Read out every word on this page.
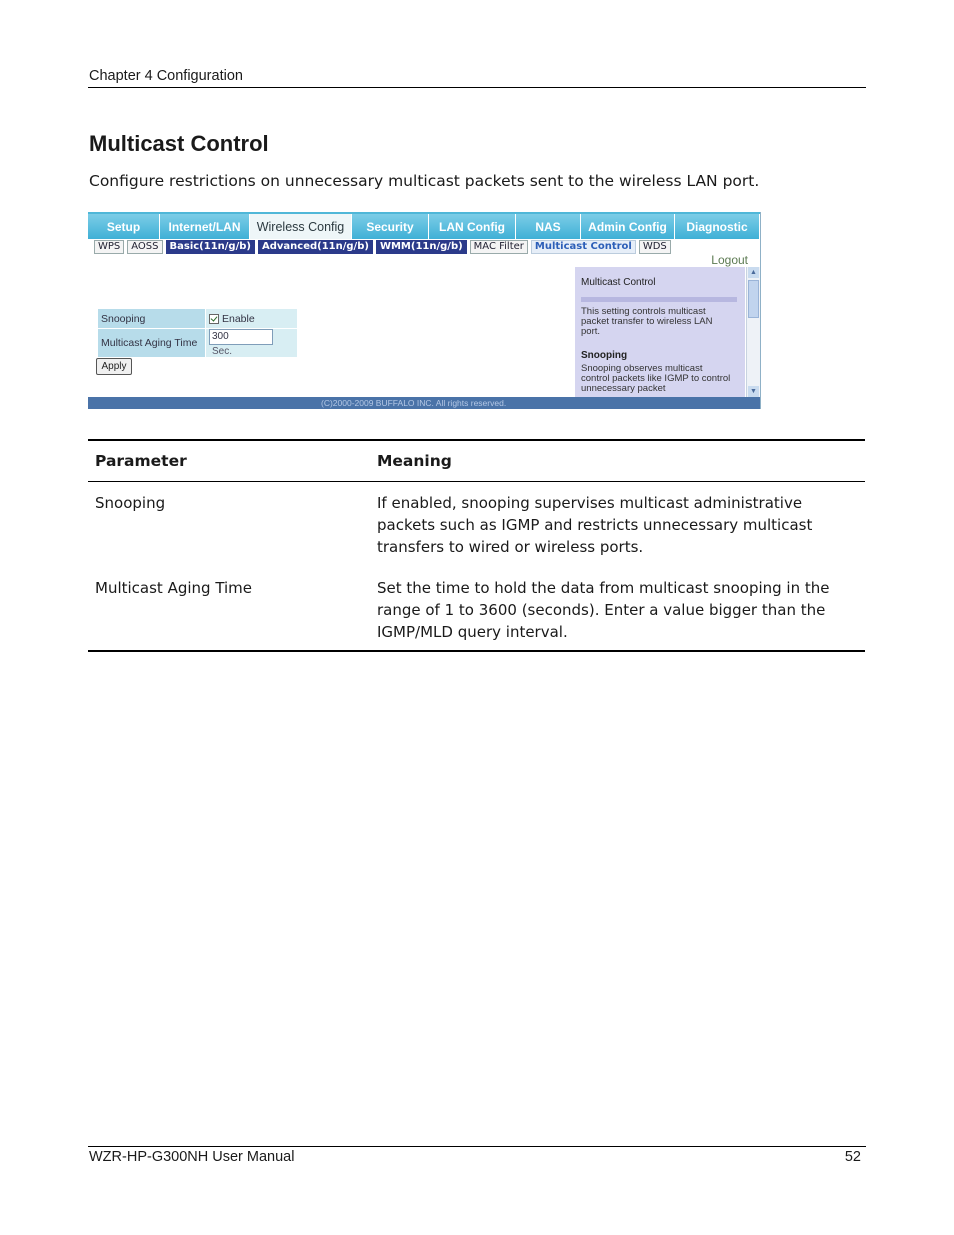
Chapter 4 Configuration
Multicast Control
Configure restrictions on unnecessary multicast packets sent to the wireless LAN port.
Setup	Internet/LAN	Wireless Config	Security	LAN Config	NAS	Admin Config	Diagnostic
WPS	AOSS	Basic(11n/g/b)	Advanced(11n/g/b)	WMM(11n/g/b)	MAC Filter	Multicast Control	WDS
Logout
Snooping	Enable
Multicast Aging Time	300Sec.
Apply
Multicast Control
This setting controls multicast packet transfer to wireless LAN port.
Snooping
Snooping observes multicast control packets like IGMP to control unnecessary packet
▲
▼
(C)2000-2009 BUFFALO INC. All rights reserved.
Parameter	Meaning
Snooping	If enabled, snooping supervises multicast administrative packets such as IGMP and restricts unnecessary multicast transfers to wired or wireless ports.
Multicast Aging Time	Set the time to hold the data from multicast snooping in the range of 1 to 3600 (seconds). Enter a value bigger than the IGMP/MLD query interval.
WZR-HP-G300NH User Manual	52
